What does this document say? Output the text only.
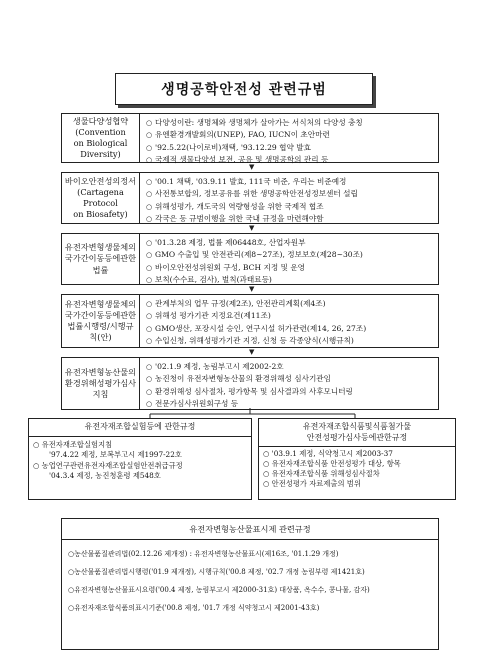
생명공학안전성 관련규범
생물다양성협약
(Convention
on Biological
Diversity)
○다양성이란: 생명체와 생명체가 살아가는 서식처의 다양성 충칭
○유엔환경개발회의(UNEP), FAO, IUCN이 초안마련
○'92.5.22(나이로비)채택, '93.12.29 협약 발효
○국제적 생물다양성 보전, 공유 및 생명공학의 관리 등
▼
바이오안전성의정서
(Cartagena
Protocol
on Biosafety)
○'00.1 채택, '03.9.11 발효, 111국 비준, 우리는 비준예정
○사전통보합의, 정보공유를 위한 생명공학안전성정보센터 설립
○위해성평가, 개도국의 역량형성을 위한 국제적 협조
○각국은 동 규범이행을 위한 국내 규정을 마련해야함
▼
유전자변형생물체의
국가간이동등에관한
법률
○'01.3.28 제정, 법률 제06448호, 산업자원부
○GMO 수출입 및 안전관리(제8~27조), 정보보호(제28~30조)
○바이오안전성위원회 구성, BCH 지정 및 운영
○보칙(수수료, 검사), 벌칙(과태료등)
▼
유전자변형생물체의
국가간이동등에관한
법률시행령/시행규
칙(안)
○관계부처의 업무 규정(제2조), 안전관리계획(제4조)
○위해성 평가기관 지정요건(제11조)
○GMO생산, 포장시설 승인, 연구시설 허가관련(제14, 26, 27조)
○수입신청, 위해성평가기관 지정, 신청 등 각종양식(시행규칙)
▼
유전자변형농산물의
환경위해성평가심사
지침
○'02.1.9 제정, 농림부고시 제2002-2호
○농진청이 유전자변형농산물의 환경위해성 심사기관임
○환경위해성 심사절차, 평가항목 및 심사결과의 사후모니터링
○전문가심사위원회구성 등
유전자재조합실험등에 관한규정
○ 유전자재조합실험지침
'97.4.22 제정, 보복부고시 제1997-22호
○ 농업연구관련유전자재조합실험안전취급규정
'04.3.4 제정, 농진청훈령 제548호
유전자재조합식품및식품첨가물
안전성평가심사등에관한규정
○ '03.9.1 제정, 식약청고시 제2003-37
○ 유전자재조합식품 안전성평가 대상, 항목
○ 유전자재조합식품 위해성심사절차
○ 안전성평가 자료제출의 범위
유전자변형농산물표시제 관련규정
○농산물품질관리법(02.12.26 제개정) : 유전자변형농산물표시(제16조, '01.1.29 개정)
○농산물품질관리법시행령('01.9 제개정), 시행규칙('00.8 제정, '02.7 개정 농림부령 제1421호)
○유전자변형농산물표시요령('00.4 제정, 농림부고시 제2000-31호) 대상품, 옥수수, 콩나물, 감자)
○유전자재조합식품의표시기준('00.8 제정, '01.7 개정 식약청고시 제2001-43호)
